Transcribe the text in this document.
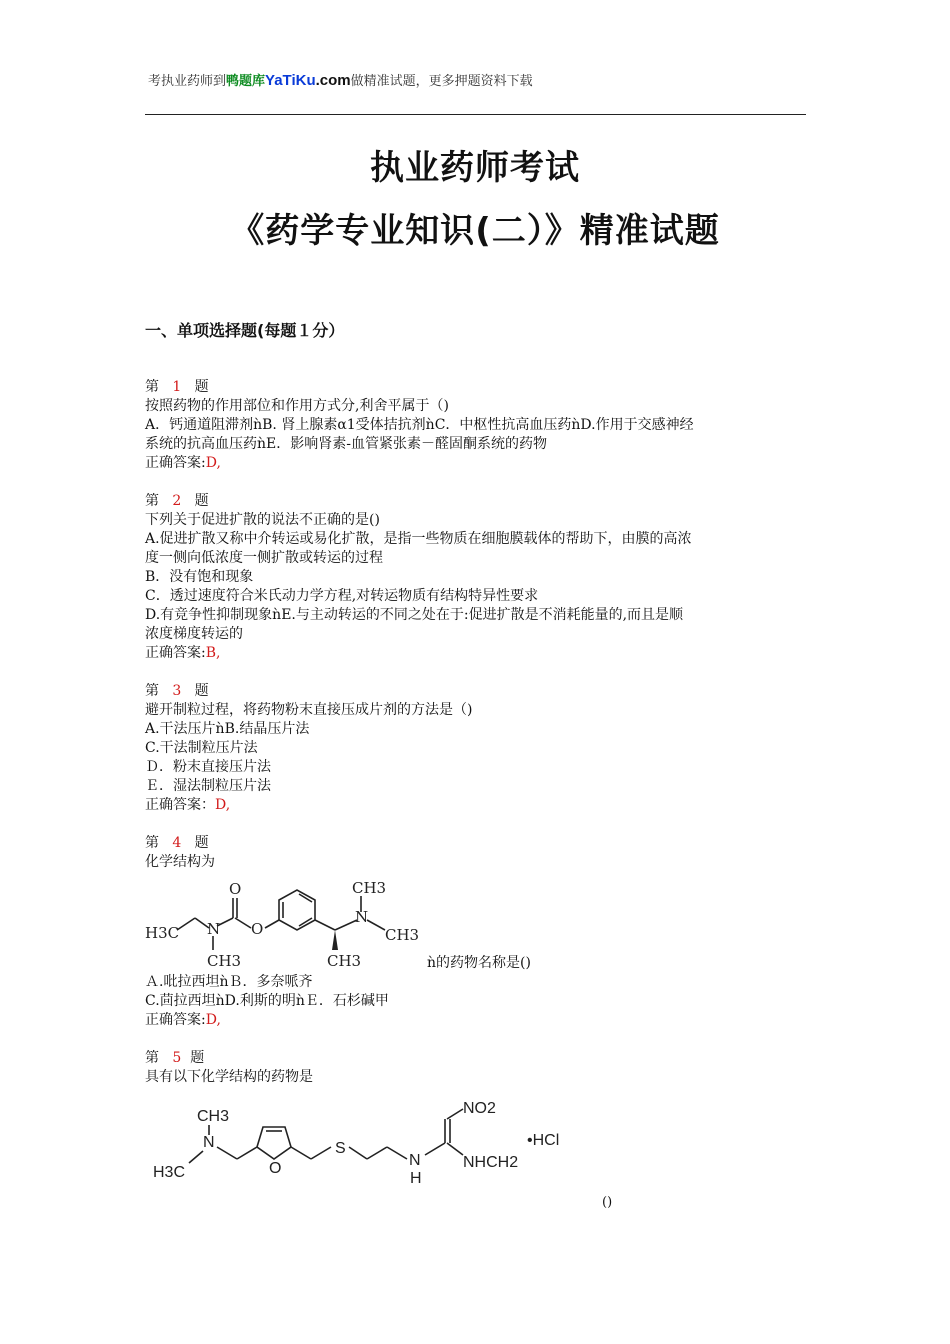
考执业药师到鸭题库YaTiKu.com做精准试题，更多押题资料下载
执业药师考试
《药学专业知识(二）》精准试题
一、单项选择题(每题１分）
第 1 题
按照药物的作用部位和作用方式分,利舍平属于（)
A．钙通道阻滞剂ǹB. 肾上腺素α1受体拮抗剂ǹC．中枢性抗高血压药ǹD.作用于交感神经
系统的抗高血压药ǹE．影响肾素-血管紧张素－醛固酮系统的药物
正确答案:D,
第 2 题
下列关于促进扩散的说法不正确的是()
A.促进扩散又称中介转运或易化扩散，是指一些物质在细胞膜载体的帮助下，由膜的高浓
度一侧向低浓度一侧扩散或转运的过程
B．没有饱和现象
C．透过速度符合米氏动力学方程,对转运物质有结构特异性要求
D.有竞争性抑制现象ǹE.与主动转运的不同之处在于:促进扩散是不消耗能量的,而且是顺
浓度梯度转运的
正确答案:B,
第 3 题
避开制粒过程，将药物粉末直接压成片剂的方法是（)
A.干法压片ǹB.结晶压片法
C.干法制粒压片法
Ｄ．粉末直接压片法
Ｅ．湿法制粒压片法
正确答案：D,
第 4 题
化学结构为
H3C N
CH3
O
O
CH3
N
CH3
CH3	ǹ的药物名称是()
Ａ.吡拉西坦ǹＢ．多奈哌齐
C.茴拉西坦ǹD.利斯的明ǹＥ．石杉碱甲
正确答案:D,
第 5 题
具有以下化学结构的药物是
CH3
N
H3C	O
S
N
H
NO2
NHCH2
•HCl
()
